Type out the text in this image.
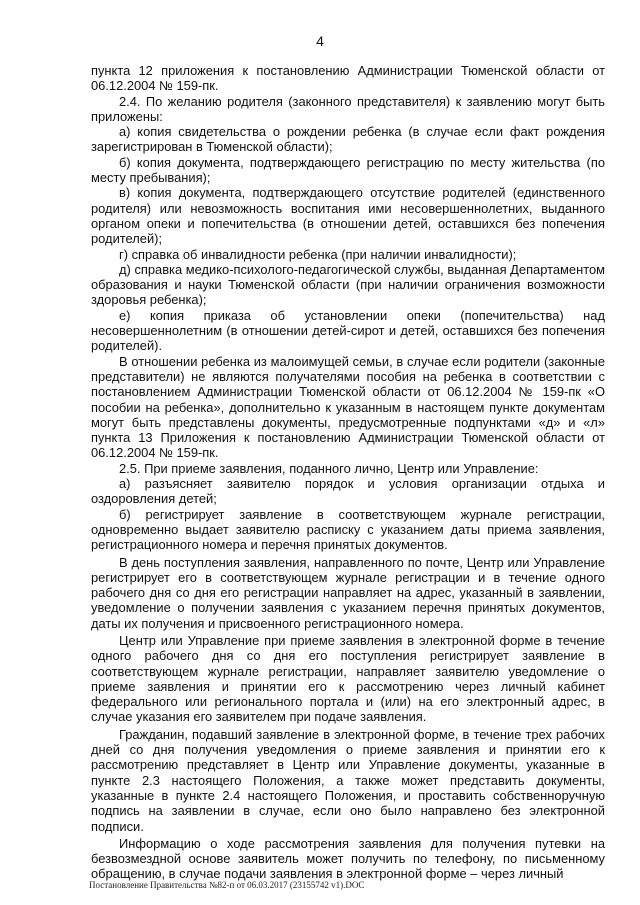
4

пункта 12 приложения к постановлению Администрации Тюменской области от 06.12.2004 № 159-пк.

2.4. По желанию родителя (законного представителя) к заявлению могут быть приложены:

а) копия свидетельства о рождении ребенка (в случае если факт рождения зарегистрирован в Тюменской области);

б) копия документа, подтверждающего регистрацию по месту жительства (по месту пребывания);

в) копия документа, подтверждающего отсутствие родителей (единственного родителя) или невозможность воспитания ими несовершеннолетних, выданного органом опеки и попечительства (в отношении детей, оставшихся без попечения родителей);

г) справка об инвалидности ребенка (при наличии инвалидности);

д) справка медико-психолого-педагогической службы, выданная Департаментом образования и науки Тюменской области (при наличии ограничения возможности здоровья ребенка);

е) копия приказа об установлении опеки (попечительства) над несовершеннолетним (в отношении детей-сирот и детей, оставшихся без попечения родителей).

В отношении ребенка из малоимущей семьи, в случае если родители (законные представители) не являются получателями пособия на ребенка в соответствии с постановлением Администрации Тюменской области от 06.12.2004 № 159-пк «О пособии на ребенка», дополнительно к указанным в настоящем пункте документам могут быть представлены документы, предусмотренные подпунктами «д» и «л» пункта 13 Приложения к постановлению Администрации Тюменской области от 06.12.2004 № 159-пк.

2.5. При приеме заявления, поданного лично, Центр или Управление:

а) разъясняет заявителю порядок и условия организации отдыха и оздоровления детей;

б) регистрирует заявление в соответствующем журнале регистрации, одновременно выдает заявителю расписку с указанием даты приема заявления, регистрационного номера и перечня принятых документов.

В день поступления заявления, направленного по почте, Центр или Управление регистрирует его в соответствующем журнале регистрации и в течение одного рабочего дня со дня его регистрации направляет на адрес, указанный в заявлении, уведомление о получении заявления с указанием перечня принятых документов, даты их получения и присвоенного регистрационного номера.

Центр или Управление при приеме заявления в электронной форме в течение одного рабочего дня со дня его поступления регистрирует заявление в соответствующем журнале регистрации, направляет заявителю уведомление о приеме заявления и принятии его к рассмотрению через личный кабинет федерального или регионального портала и (или) на его электронный адрес, в случае указания его заявителем при подаче заявления.

Гражданин, подавший заявление в электронной форме, в течение трех рабочих дней со дня получения уведомления о приеме заявления и принятии его к рассмотрению представляет в Центр или Управление документы, указанные в пункте 2.3 настоящего Положения, а также может представить документы, указанные в пункте 2.4 настоящего Положения, и проставить собственноручную подпись на заявлении в случае, если оно было направлено без электронной подписи.

Информацию о ходе рассмотрения заявления для получения путевки на безвозмездной основе заявитель может получить по телефону, по письменному обращению, в случае подачи заявления в электронной форме – через личный

Постановление Правительства №82-п от 06.03.2017 (23155742 v1).DOC
